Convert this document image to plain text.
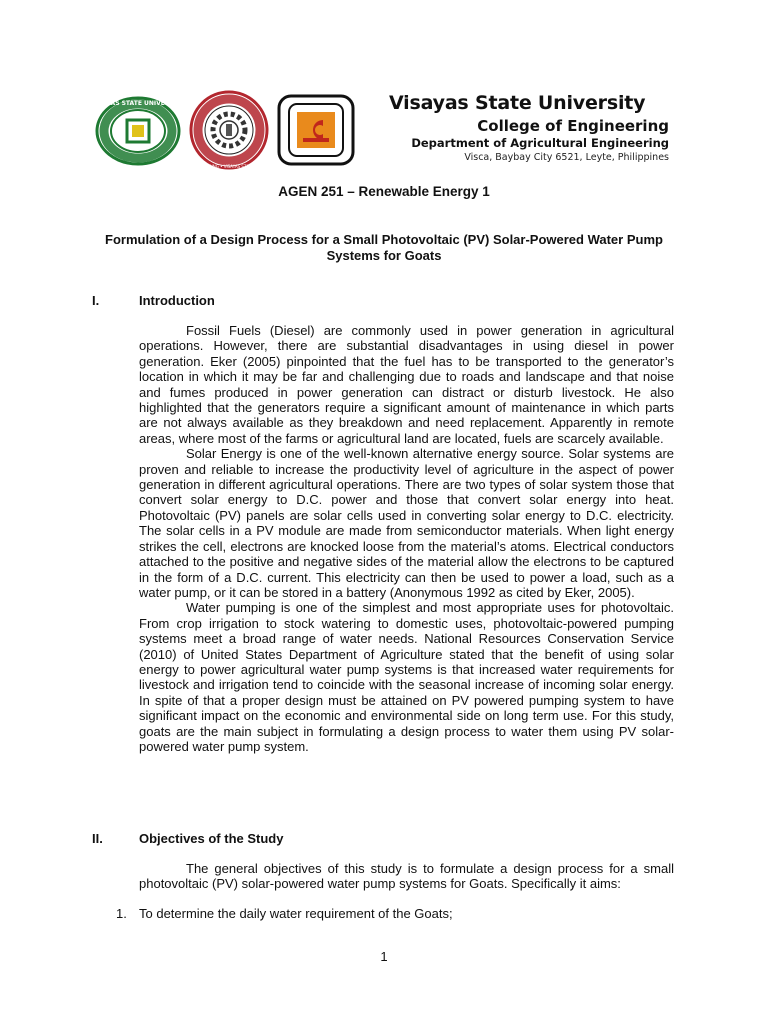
VISAYAS STATE UNIVERSITY
COLLEGE OF ENGINEERING • VISAYAS STATE UNIVERSITY • 2005
Visayas State University
College of Engineering
Department of Agricultural Engineering
Visca, Baybay City 6521, Leyte, Philippines
AGEN 251 – Renewable Energy 1
Formulation of a Design Process for a Small Photovoltaic (PV) Solar-Powered Water Pump Systems for Goats
I.	Introduction

Fossil Fuels (Diesel) are commonly used in power generation in agricultural operations. However, there are substantial disadvantages in using diesel in power generation. Eker (2005) pinpointed that the fuel has to be transported to the generator’s location in which it may be far and challenging due to roads and landscape and that noise and fumes produced in power generation can distract or disturb livestock. He also highlighted that the generators require a significant amount of maintenance in which parts are not always available as they breakdown and need replacement. Apparently in remote areas, where most of the farms or agricultural land are located, fuels are scarcely available.

Solar Energy is one of the well-known alternative energy source. Solar systems are proven and reliable to increase the productivity level of agriculture in the aspect of power generation in different agricultural operations. There are two types of solar system those that convert solar energy to D.C. power and those that convert solar energy into heat. Photovoltaic (PV) panels are solar cells used in converting solar energy to D.C. electricity. The solar cells in a PV module are made from semiconductor materials. When light energy strikes the cell, electrons are knocked loose from the material’s atoms. Electrical conductors attached to the positive and negative sides of the material allow the electrons to be captured in the form of a D.C. current. This electricity can then be used to power a load, such as a water pump, or it can be stored in a battery (Anonymous 1992 as cited by Eker, 2005).

Water pumping is one of the simplest and most appropriate uses for photovoltaic. From crop irrigation to stock watering to domestic uses, photovoltaic-powered pumping systems meet a broad range of water needs. National Resources Conservation Service (2010) of United States Department of Agriculture stated that the benefit of using solar energy to power agricultural water pump systems is that increased water requirements for livestock and irrigation tend to coincide with the seasonal increase of incoming solar energy. In spite of that a proper design must be attained on PV powered pumping system to have significant impact on the economic and environmental side on long term use. For this study, goats are the main subject in formulating a design process to water them using PV solar-powered water pump system.

II.	Objectives of the Study

The general objectives of this study is to formulate a design process for a small photovoltaic (PV) solar-powered water pump systems for Goats. Specifically it aims:

1. To determine the daily water requirement of the Goats;
1
